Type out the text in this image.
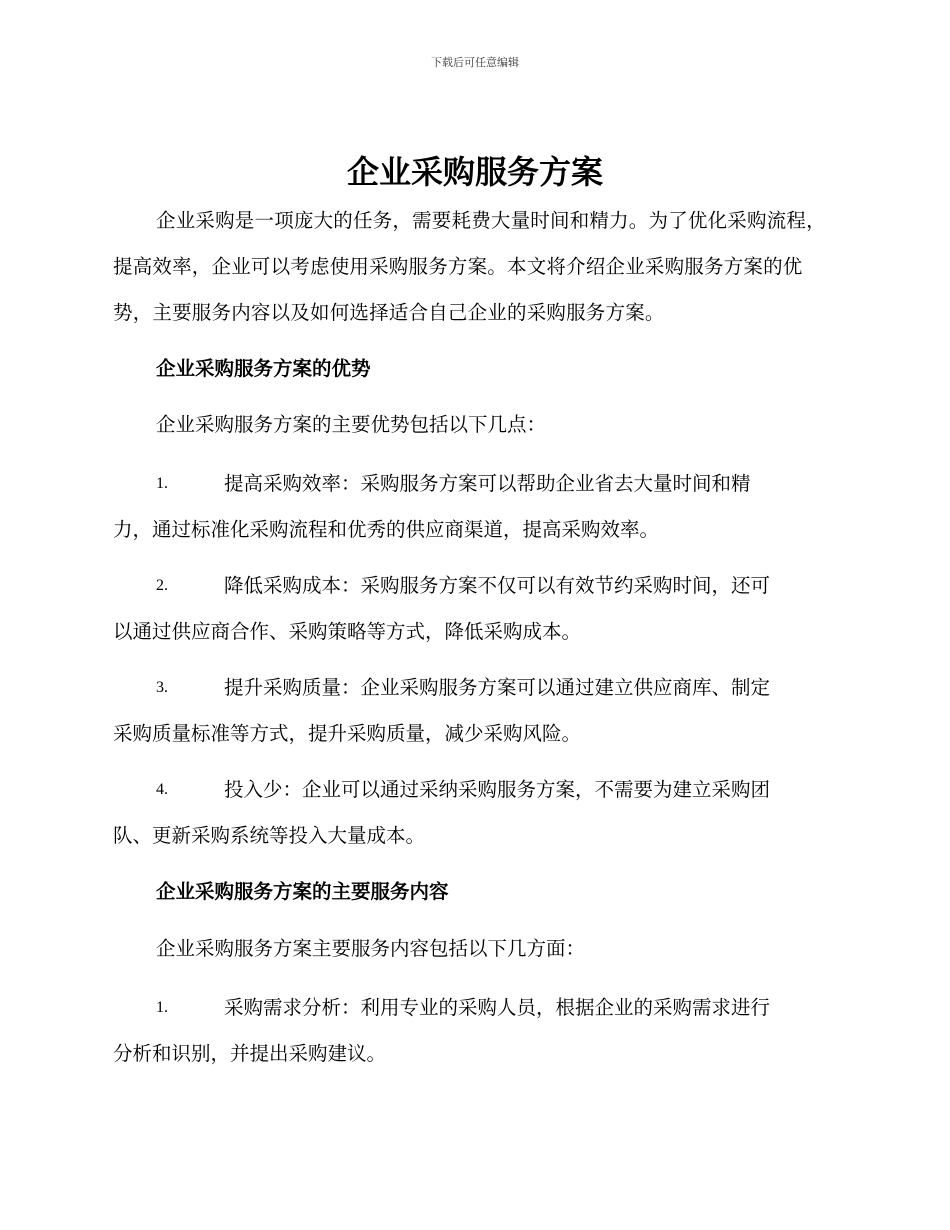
下载后可任意编辑
企业采购服务方案
企业采购是一项庞大的任务，需要耗费大量时间和精力。为了优化采购流程，提高效率，企业可以考虑使用采购服务方案。本文将介绍企业采购服务方案的优势，主要服务内容以及如何选择适合自己企业的采购服务方案。
企业采购服务方案的优势
企业采购服务方案的主要优势包括以下几点：
1.	提高采购效率：采购服务方案可以帮助企业省去大量时间和精
力，通过标准化采购流程和优秀的供应商渠道，提高采购效率。
2.	降低采购成本：采购服务方案不仅可以有效节约采购时间，还可
以通过供应商合作、采购策略等方式，降低采购成本。
3.	提升采购质量：企业采购服务方案可以通过建立供应商库、制定
采购质量标准等方式，提升采购质量，减少采购风险。
4.	投入少：企业可以通过采纳采购服务方案，不需要为建立采购团
队、更新采购系统等投入大量成本。
企业采购服务方案的主要服务内容
企业采购服务方案主要服务内容包括以下几方面：
1.	采购需求分析：利用专业的采购人员，根据企业的采购需求进行
分析和识别，并提出采购建议。
